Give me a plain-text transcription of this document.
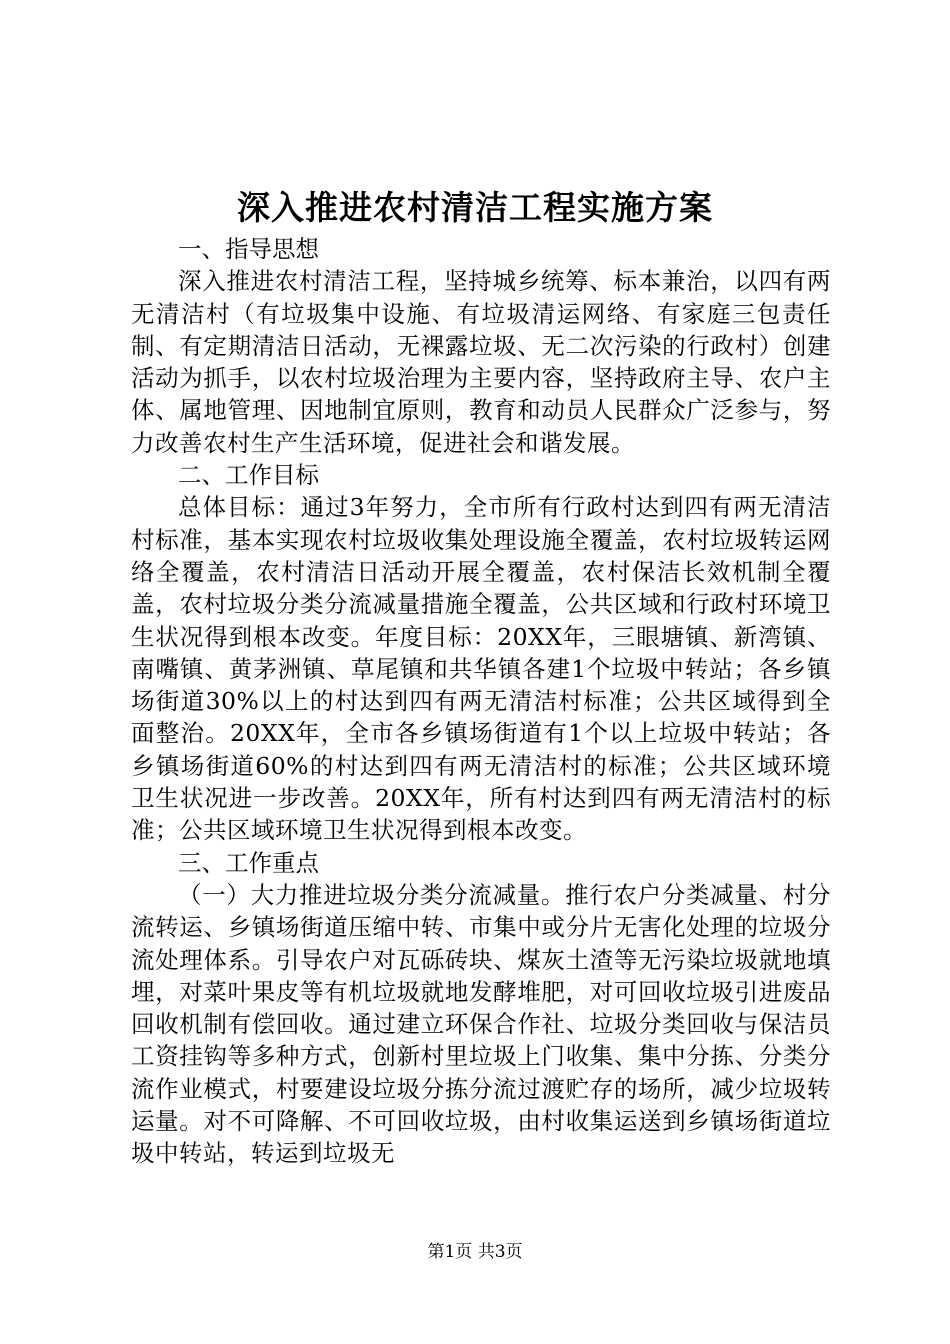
深入推进农村清洁工程实施方案

一、指导思想

深入推进农村清洁工程，坚持城乡统筹、标本兼治，以四有两无清洁村（有垃圾集中设施、有垃圾清运网络、有家庭三包责任制、有定期清洁日活动，无裸露垃圾、无二次污染的行政村）创建活动为抓手，以农村垃圾治理为主要内容，坚持政府主导、农户主体、属地管理、因地制宜原则，教育和动员人民群众广泛参与，努力改善农村生产生活环境，促进社会和谐发展。

二、工作目标

总体目标：通过3年努力，全市所有行政村达到四有两无清洁村标准，基本实现农村垃圾收集处理设施全覆盖，农村垃圾转运网络全覆盖，农村清洁日活动开展全覆盖，农村保洁长效机制全覆盖，农村垃圾分类分流减量措施全覆盖，公共区域和行政村环境卫生状况得到根本改变。年度目标：20XX年，三眼塘镇、新湾镇、南嘴镇、黄茅洲镇、草尾镇和共华镇各建1个垃圾中转站；各乡镇场街道30%以上的村达到四有两无清洁村标准；公共区域得到全面整治。20XX年，全市各乡镇场街道有1个以上垃圾中转站；各乡镇场街道60%的村达到四有两无清洁村的标准；公共区域环境卫生状况进一步改善。20XX年，所有村达到四有两无清洁村的标准；公共区域环境卫生状况得到根本改变。

三、工作重点

（一）大力推进垃圾分类分流减量。推行农户分类减量、村分流转运、乡镇场街道压缩中转、市集中或分片无害化处理的垃圾分流处理体系。引导农户对瓦砾砖块、煤灰土渣等无污染垃圾就地填埋，对菜叶果皮等有机垃圾就地发酵堆肥，对可回收垃圾引进废品回收机制有偿回收。通过建立环保合作社、垃圾分类回收与保洁员工资挂钩等多种方式，创新村里垃圾上门收集、集中分拣、分类分流作业模式，村要建设垃圾分拣分流过渡贮存的场所，减少垃圾转运量。对不可降解、不可回收垃圾，由村收集运送到乡镇场街道垃圾中转站，转运到垃圾无

第1页 共3页
